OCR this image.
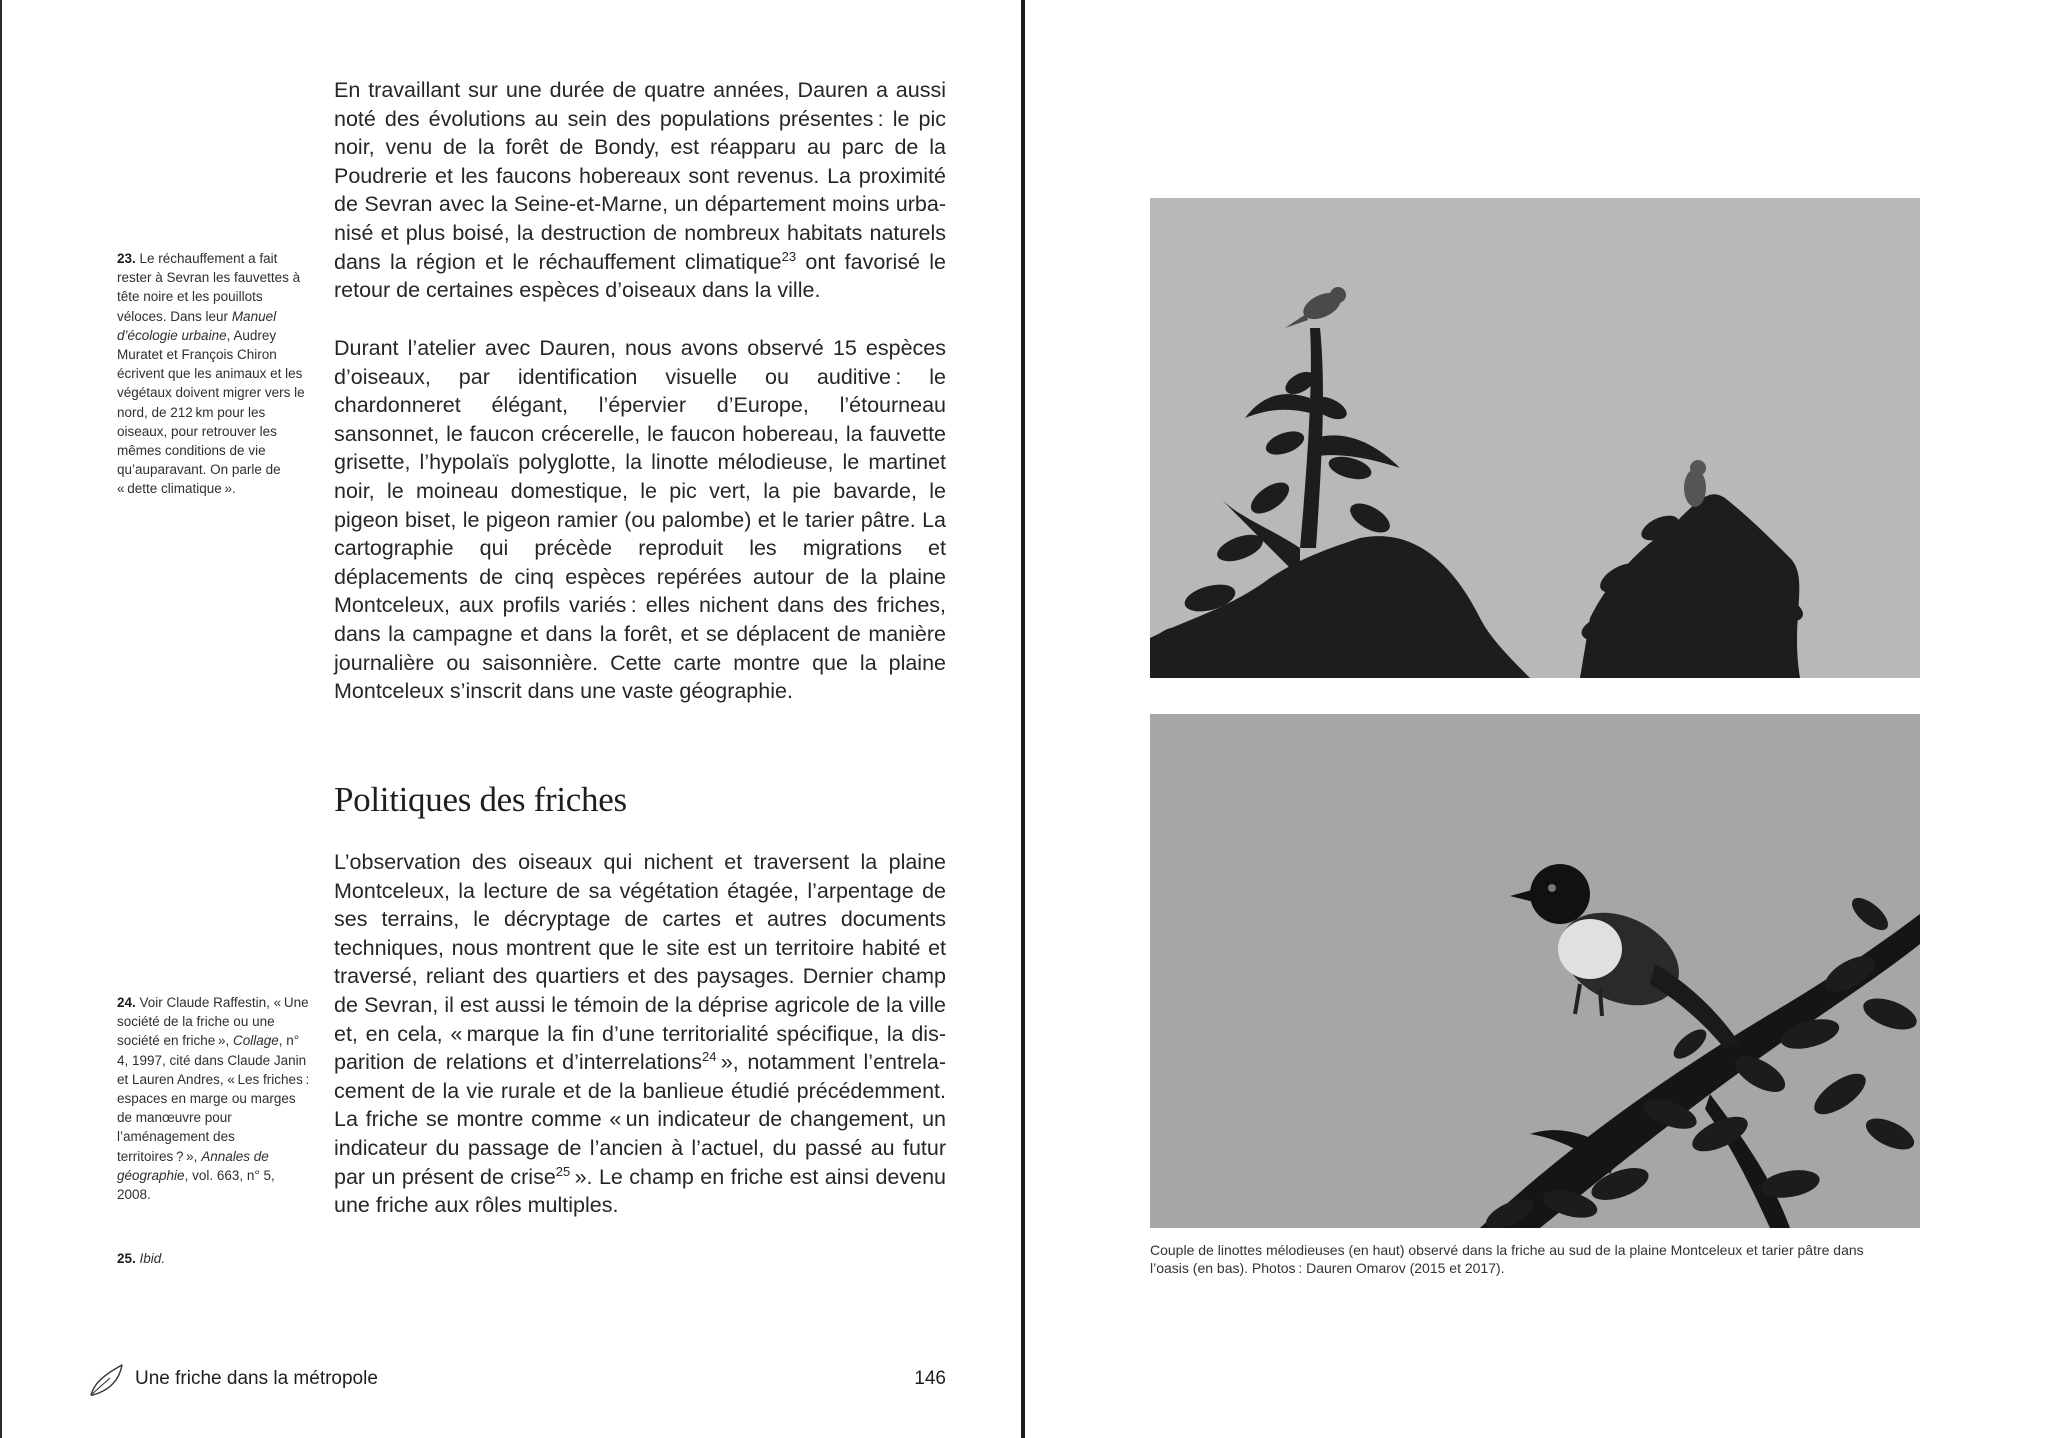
En travaillant sur une durée de quatre années, Dauren a aussi noté des évolutions au sein des populations présentes : le pic noir, venu de la forêt de Bondy, est réapparu au parc de la Poudrerie et les faucons hobereaux sont revenus. La proximité de Sevran avec la Seine-et-Marne, un département moins urbanisé et plus boisé, la destruction de nombreux habitats naturels dans la région et le réchauffement climatique$^{23}$ ont favorisé le retour de certaines espèces d’oiseaux dans la ville.

Durant l’atelier avec Dauren, nous avons observé 15 espèces d’oiseaux, par identification visuelle ou auditive : le chardonneret élégant, l’épervier d’Europe, l’étourneau sansonnet, le faucon crécerelle, le faucon hobereau, la fauvette grisette, l’hypolaïs polyglotte, la linotte mélodieuse, le martinet noir, le moineau domestique, le pic vert, la pie bavarde, le pigeon biset, le pigeon ramier (ou palombe) et le tarier pâtre. La cartographie qui précède reproduit les migrations et déplacements de cinq espèces repérées autour de la plaine Montceleux, aux profils variés : elles nichent dans des friches, dans la campagne et dans la forêt, et se déplacent de manière journalière ou saisonnière. Cette carte montre que la plaine Montceleux s’inscrit dans une vaste géographie.

Politiques des friches

L’observation des oiseaux qui nichent et traversent la plaine Montceleux, la lecture de sa végétation étagée, l’arpentage de ses terrains, le décryptage de cartes et autres documents techniques, nous montrent que le site est un territoire habité et traversé, reliant des quartiers et des paysages. Dernier champ de Sevran, il est aussi le témoin de la déprise agricole de la ville et, en cela, « marque la fin d’une territorialité spécifique, la disparition de relations et d’interrelations$^{24}$ », notamment l’entrelacement de la vie rurale et de la banlieue étudié précédemment. La friche se montre comme « un indicateur de changement, un indicateur du passage de l’ancien à l’actuel, du passé au futur par un présent de crise$^{25}$ ». Le champ en friche est ainsi devenu une friche aux rôles multiples.

23. Le réchauffement a fait rester à Sevran les fauvettes à tête noire et les pouillots véloces. Dans leur Manuel d’écologie urbaine, Audrey Muratet et François Chiron écrivent que les animaux et les végétaux doivent migrer vers le nord, de 212 km pour les oiseaux, pour retrouver les mêmes conditions de vie qu’auparavant. On parle de « dette climatique ».

24. Voir Claude Raffestin, « Une société de la friche ou une société en friche », Collage, n° 4, 1997, cité dans Claude Janin et Lauren Andres, « Les friches : espaces en marge ou marges de manœuvre pour l’aménagement des territoires ? », Annales de géographie, vol. 663, n° 5, 2008.

25. Ibid.

Une friche dans la métropole	146

Couple de linottes mélodieuses (en haut) observé dans la friche au sud de la plaine Montceleux et tarier pâtre dans l’oasis (en bas). Photos : Dauren Omarov (2015 et 2017).
